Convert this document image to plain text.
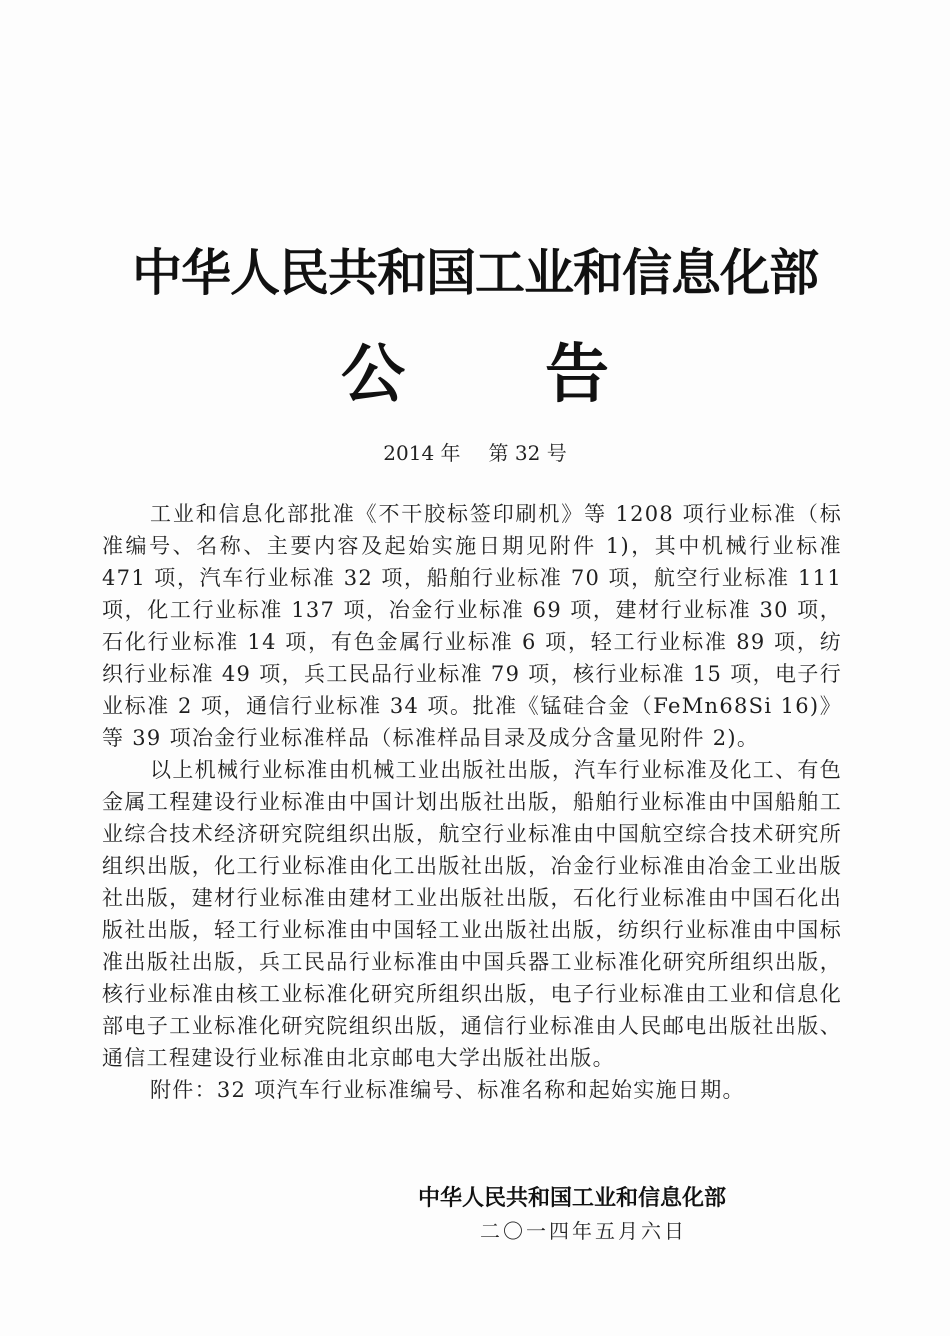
中华人民共和国工业和信息化部
公 告
2014 年 第 32 号

工业和信息化部批准《不干胶标签印刷机》等 1208 项行业标准（标准编号、名称、主要内容及起始实施日期见附件 1)，其中机械行业标准 471 项，汽车行业标准 32 项，船舶行业标准 70 项，航空行业标准 111 项，化工行业标准 137 项，冶金行业标准 69 项，建材行业标准 30 项，石化行业标准 14 项，有色金属行业标准 6 项，轻工行业标准 89 项，纺织行业标准 49 项，兵工民品行业标准 79 项，核行业标准 15 项，电子行业标准 2 项，通信行业标准 34 项。批准《锰硅合金（FeMn68Si 16)》等 39 项冶金行业标准样品（标准样品目录及成分含量见附件 2)。

以上机械行业标准由机械工业出版社出版，汽车行业标准及化工、有色金属工程建设行业标准由中国计划出版社出版，船舶行业标准由中国船舶工业综合技术经济研究院组织出版，航空行业标准由中国航空综合技术研究所组织出版，化工行业标准由化工出版社出版，冶金行业标准由冶金工业出版社出版，建材行业标准由建材工业出版社出版，石化行业标准由中国石化出版社出版，轻工行业标准由中国轻工业出版社出版，纺织行业标准由中国标准出版社出版，兵工民品行业标准由中国兵器工业标准化研究所组织出版，核行业标准由核工业标准化研究所组织出版，电子行业标准由工业和信息化部电子工业标准化研究院组织出版，通信行业标准由人民邮电出版社出版、通信工程建设行业标准由北京邮电大学出版社出版。

附件：32 项汽车行业标准编号、标准名称和起始实施日期。

中华人民共和国工业和信息化部
二〇一四年五月六日
